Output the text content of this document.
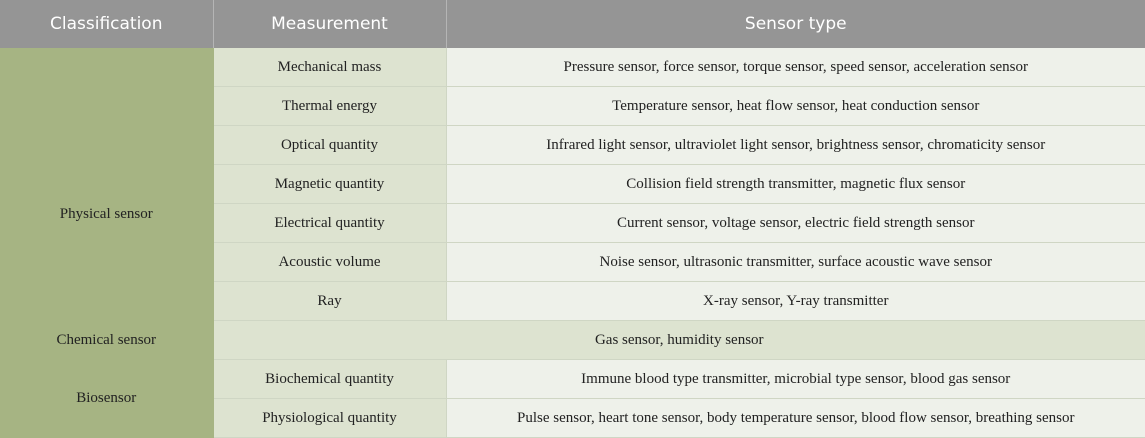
Classification	Measurement	Sensor type
Physical sensor	Mechanical mass	Pressure sensor, force sensor, torque sensor, speed sensor, acceleration sensor
	Thermal energy	Temperature sensor, heat flow sensor, heat conduction sensor
	Optical quantity	Infrared light sensor, ultraviolet light sensor, brightness sensor, chromaticity sensor
	Magnetic quantity	Collision field strength transmitter, magnetic flux sensor
	Electrical quantity	Current sensor, voltage sensor, electric field strength sensor
	Acoustic volume	Noise sensor, ultrasonic transmitter, surface acoustic wave sensor
	Ray	X-ray sensor, Y-ray transmitter
Chemical sensor	Gas sensor, humidity sensor	
Biosensor	Biochemical quantity	Immune blood type transmitter, microbial type sensor, blood gas sensor
	Physiological quantity	Pulse sensor, heart tone sensor, body temperature sensor, blood flow sensor, breathing sensor
